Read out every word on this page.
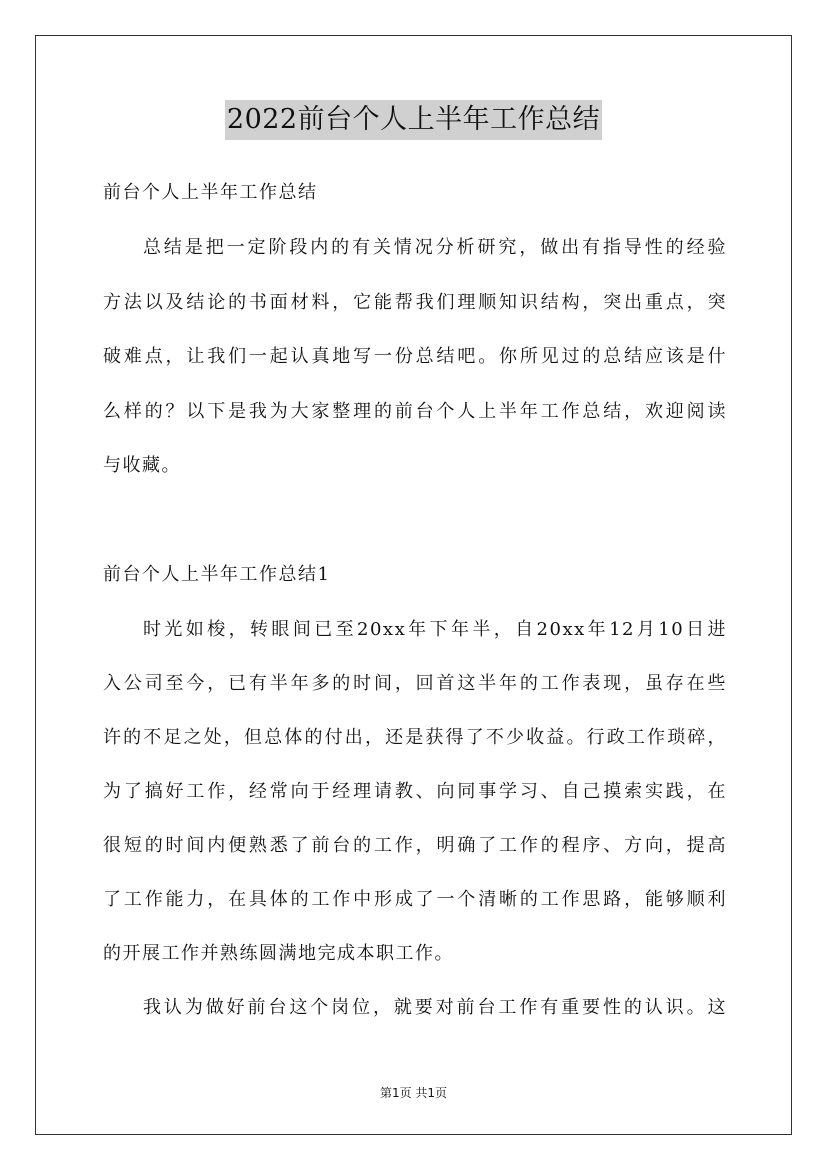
2022前台个人上半年工作总结
前台个人上半年工作总结
总结是把一定阶段内的有关情况分析研究，做出有指导性的经验
方法以及结论的书面材料，它能帮我们理顺知识结构，突出重点，突
破难点，让我们一起认真地写一份总结吧。你所见过的总结应该是什
么样的？以下是我为大家整理的前台个人上半年工作总结，欢迎阅读
与收藏。
前台个人上半年工作总结1
时光如梭，转眼间已至20xx年下年半，自20xx年12月10日进
入公司至今，已有半年多的时间，回首这半年的工作表现，虽存在些
许的不足之处，但总体的付出，还是获得了不少收益。行政工作琐碎，
为了搞好工作，经常向于经理请教、向同事学习、自己摸索实践，在
很短的时间内便熟悉了前台的工作，明确了工作的程序、方向，提高
了工作能力，在具体的工作中形成了一个清晰的工作思路，能够顺利
的开展工作并熟练圆满地完成本职工作。
我认为做好前台这个岗位，就要对前台工作有重要性的认识。这
第1页 共1页
